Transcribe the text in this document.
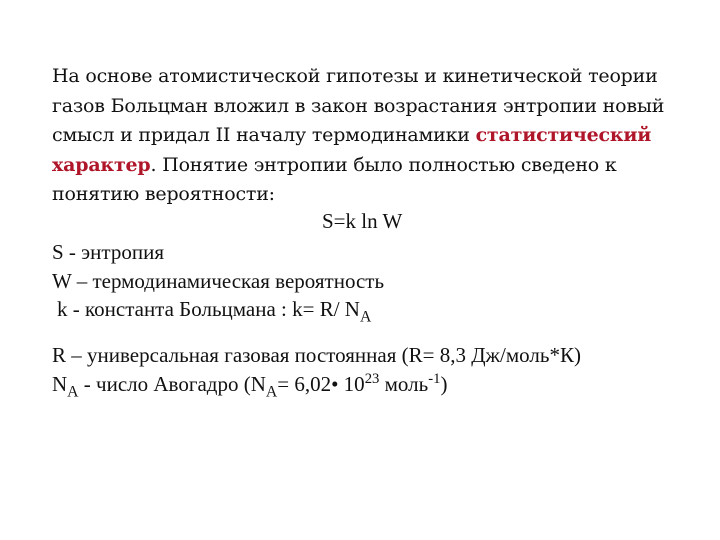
На основе атомистической гипотезы и кинетической теории
газов Больцман вложил в закон возрастания энтропии новый
смысл и придал II началу термодинамики статистический
характер. Понятие энтропии было полностью сведено к
понятию вероятности:
S=k ln W
S - энтропия
W – термодинамическая вероятность
k - константа Больцмана : k= R/ $N_A$
R – универсальная газовая постоянная (R= 8,3 Дж/моль*К)
$N_A$ - число Авогадро ($N_A=$ 6,02• $10^{23}$ моль$^{-1}$)
